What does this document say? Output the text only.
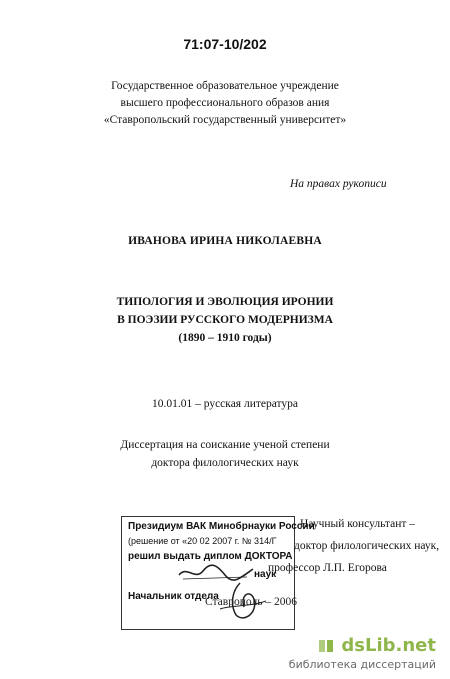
71:07-10/202
Государственное образовательное учреждение
высшего профессионального образов ания
«Ставропольский государственный университет»
На правах рукописи
ИВАНОВА ИРИНА НИКОЛАЕВНА
ТИПОЛОГИЯ И ЭВОЛЮЦИЯ ИРОНИИ
В ПОЭЗИИ РУССКОГО МОДЕРНИЗМА
(1890 – 1910 годы)
10.01.01 – русская литература
Диссертация на соискание ученой степени
доктора филологических наук
Президиум ВАК Минобрнауки России
(решение от «20 02 2007 г. № 314/Г
решил выдать диплом ДОКТОРА
наук
Начальник отдела
Научный консультант –
доктор филологических наук,
профессор Л.П. Егорова
Ставрополь – 2006
dsLib.net
библиотека диссертаций
